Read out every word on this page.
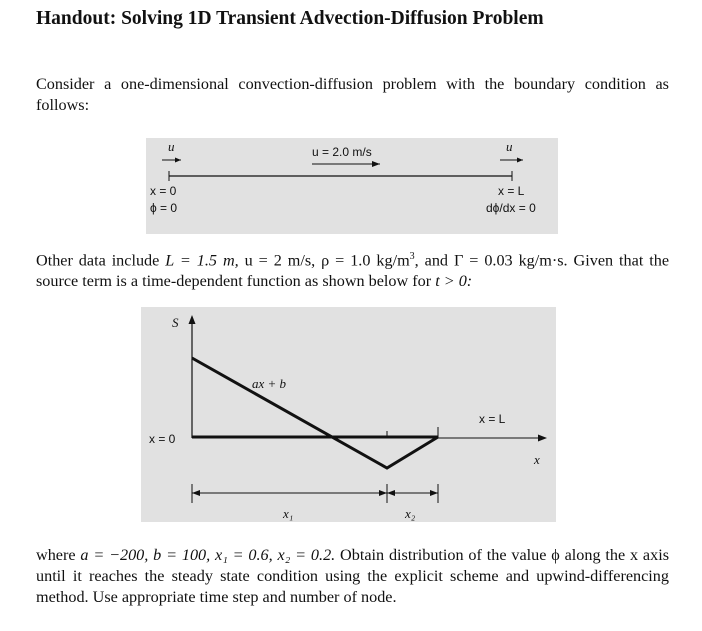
Handout: Solving 1D Transient Advection-Diffusion Problem
Consider a one-dimensional convection-diffusion problem with the boundary condition as follows:
u	u = 2.0 m/s	u
x = 0
ϕ = 0
x = L
dϕ/dx = 0
Other data include L = 1.5 m, u = 2 m/s, ρ = 1.0 $kg/m^3$, and Γ = 0.03 kg/m·s. Given that the source term is a time-dependent function as shown below for t > 0:
S
x
x = L
x = 0
ax + b
x₁	x₂
where a = −200, b = 100, x₁ = 0.6, x₂ = 0.2. Obtain distribution of the value ϕ along the x axis until it reaches the steady state condition using the explicit scheme and upwind-differencing method. Use appropriate time step and number of node.
